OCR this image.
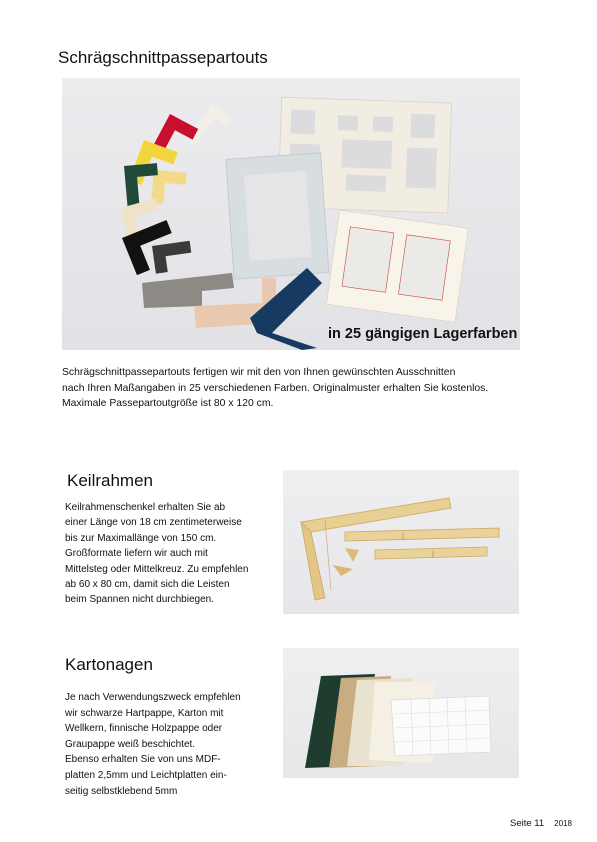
Schrägschnittpassepartouts
in 25 gängigen Lagerfarben
Schrägschnittpassepartouts fertigen wir mit den von Ihnen gewünschten Ausschnitten
nach Ihren Maßangaben in 25 verschiedenen Farben. Originalmuster erhalten Sie kostenlos.
Maximale Passepartoutgröße ist 80 x 120 cm.
Keilrahmen
Keilrahmenschenkel erhalten Sie ab
einer Länge von 18 cm zentimeterweise
bis zur Maximallänge von 150 cm.
Großformate liefern wir auch mit
Mittelsteg oder Mittelkreuz. Zu empfehlen
ab 60 x 80 cm, damit sich die Leisten
beim Spannen nicht durchbiegen.
Kartonagen
Je nach Verwendungszweck empfehlen
wir schwarze Hartpappe, Karton mit
Wellkern, finnische Holzpappe oder
Graupappe weiß beschichtet.
Ebenso erhalten Sie von uns MDF-
platten 2,5mm und Leichtplatten ein-
seitig selbstklebend 5mm
Seite 11 2018
